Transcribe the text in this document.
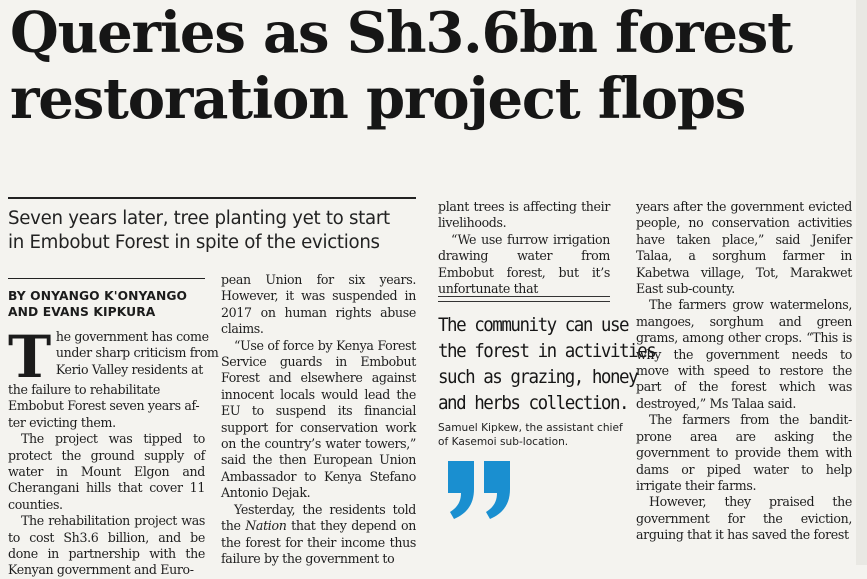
Queries as Sh3.6bn forest
restoration project flops
Seven years later, tree planting yet to start
in Embobut Forest in spite of the evictions
BY ONYANGO K'ONYANGO
AND EVANS KIPKURA
T he government has come
under sharp criticism from
Kerio Valley residents at
the failure to rehabilitate
Embobut Forest seven years af-
ter evicting them.

The project was tipped to protect the ground supply of water in Mount Elgon and Cherangani hills that cover 11 counties.

The rehabilitation project was to cost Sh3.6 billion, and be done in partnership with the Kenyan government and Euro-

pean Union for six years. However, it was suspended in 2017 on human rights abuse claims.

“Use of force by Kenya Forest Service guards in Embobut Forest and elsewhere against innocent locals would lead the EU to suspend its financial support for conservation work on the country’s water towers,” said the then European Union Ambassador to Kenya Stefano Antonio Dejak.

Yesterday, the residents told the Nation that they depend on the forest for their income thus failure by the government to

plant trees is affecting their livelihoods.

“We use furrow irrigation drawing water from Embobut forest, but it’s unfortunate that

The community can use
the forest in activities
such as grazing, honey
and herbs collection.
Samuel Kipkew, the assistant chief
of Kasemoi sub-location.

years after the government evicted people, no conservation activities have taken place,” said Jenifer Talaa, a sorghum farmer in Kabetwa village, Tot, Marakwet East sub-county.

The farmers grow watermelons, mangoes, sorghum and green grams, among other crops. “This is why the government needs to move with speed to restore the part of the forest which was destroyed,” Ms Talaa said.

The farmers from the bandit-prone area are asking the government to provide them with dams or piped water to help irrigate their farms.

However, they praised the government for the eviction, arguing that it has saved the forest
